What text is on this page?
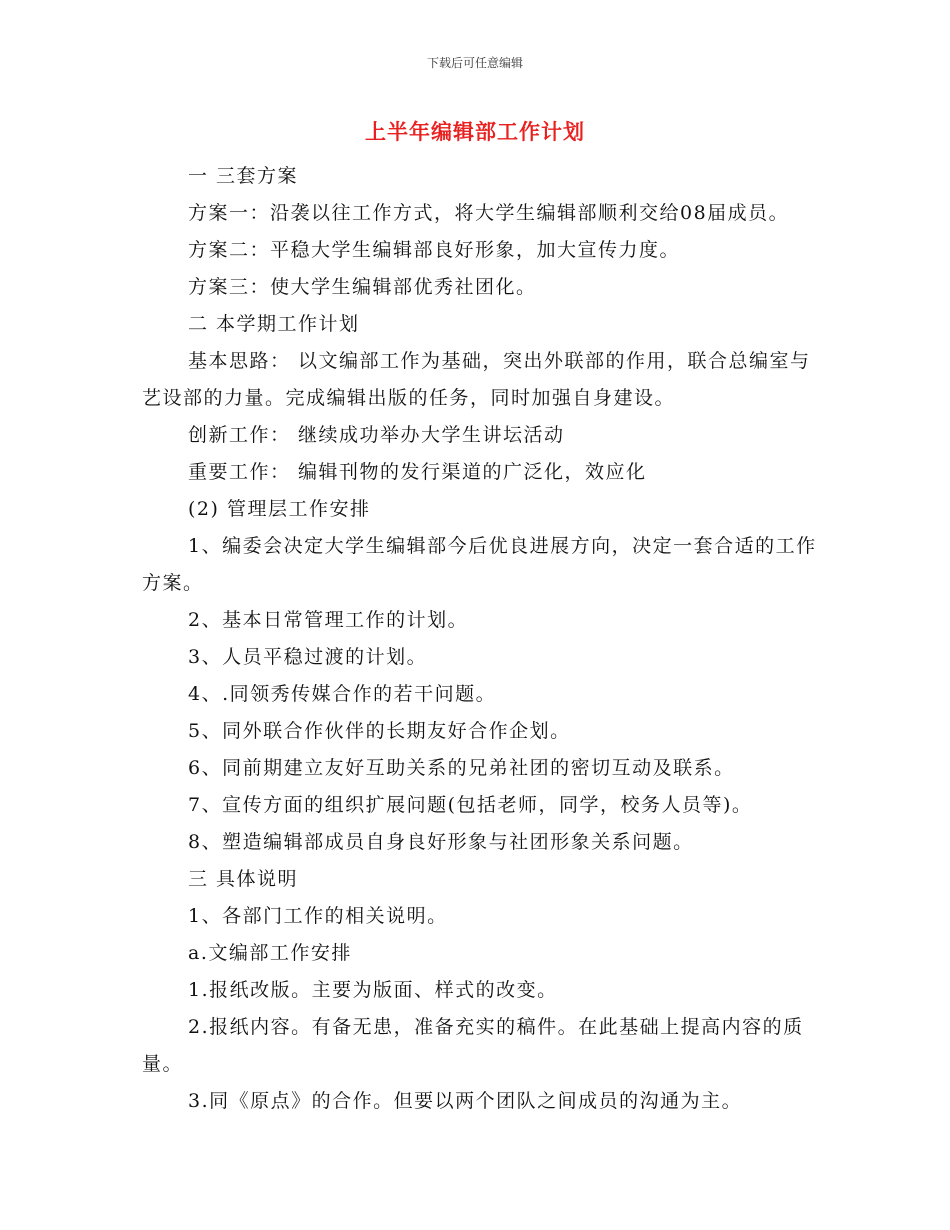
下载后可任意编辑
上半年编辑部工作计划

一 三套方案

方案一：沿袭以往工作方式，将大学生编辑部顺利交给08届成员。

方案二：平稳大学生编辑部良好形象，加大宣传力度。

方案三：使大学生编辑部优秀社团化。

二 本学期工作计划

基本思路： 以文编部工作为基础，突出外联部的作用，联合总编室与艺设部的力量。完成编辑出版的任务，同时加强自身建设。

创新工作： 继续成功举办大学生讲坛活动

重要工作： 编辑刊物的发行渠道的广泛化，效应化

(2) 管理层工作安排

1、编委会决定大学生编辑部今后优良进展方向，决定一套合适的工作方案。

2、基本日常管理工作的计划。

3、人员平稳过渡的计划。

4、.同领秀传媒合作的若干问题。

5、同外联合作伙伴的长期友好合作企划。

6、同前期建立友好互助关系的兄弟社团的密切互动及联系。

7、宣传方面的组织扩展问题(包括老师，同学，校务人员等)。

8、塑造编辑部成员自身良好形象与社团形象关系问题。

三 具体说明

1、各部门工作的相关说明。

a.文编部工作安排

1.报纸改版。主要为版面、样式的改变。

2.报纸内容。有备无患，准备充实的稿件。在此基础上提高内容的质量。

3.同《原点》的合作。但要以两个团队之间成员的沟通为主。
